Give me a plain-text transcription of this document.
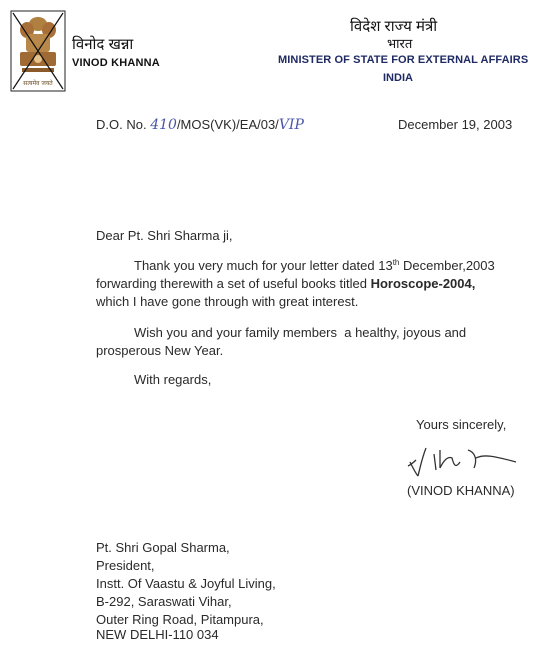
सत्यमेव जयते
विनोद खन्ना
VINOD KHANNA
विदेश राज्य मंत्री
भारत
MINISTER OF STATE FOR EXTERNAL AFFAIRS
INDIA
D.O. No. 410/MOS(VK)/EA/03/VIP	December 19, 2003
Dear Pt. Shri Sharma ji,
Thank you very much for your letter dated 13th December,2003
forwarding therewith a set of useful books titled Horoscope-2004,
which I have gone through with great interest.
Wish you and your family members  a healthy, joyous and
prosperous New Year.
With regards,
Yours sincerely,
(VINOD KHANNA)
Pt. Shri Gopal Sharma,
President,
Instt. Of Vaastu & Joyful Living,
B-292, Saraswati Vihar,
Outer Ring Road, Pitampura,
NEW DELHI-110 034
